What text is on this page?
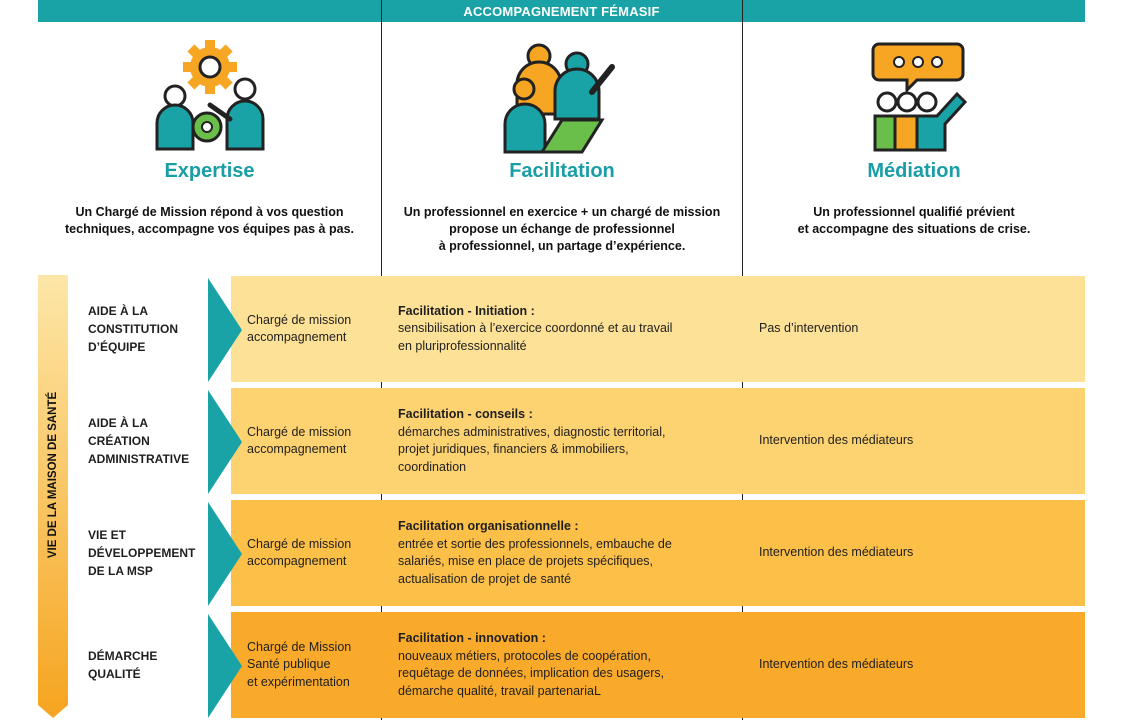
ACCOMPAGNEMENT FÉMASIF
Expertise
Un Chargé de Mission répond à vos question
techniques, accompagne vos équipes pas à pas.
Facilitation
Un professionnel en exercice + un chargé de mission
propose un échange de professionnel
à professionnel, un partage d’expérience.
Médiation
Un professionnel qualifié prévient
et accompagne des situations de crise.
VIE DE LA MAISON DE SANTÉ
AIDE À LA
CONSTITUTION
D’ÉQUIPE
Chargé de mission
accompagnement
Facilitation - Initiation :
sensibilisation à l’exercice coordonné et au travail
en pluriprofessionnalité
Pas d’intervention
AIDE À LA
CRÉATION
ADMINISTRATIVE
Chargé de mission
accompagnement
Facilitation - conseils :
démarches administratives, diagnostic territorial,
projet juridiques, financiers & immobiliers,
coordination
Intervention des médiateurs
VIE ET
DÉVELOPPEMENT
DE LA MSP
Chargé de mission
accompagnement
Facilitation organisationnelle :
entrée et sortie des professionnels, embauche de
salariés, mise en place de projets spécifiques,
actualisation de projet de santé
Intervention des médiateurs
DÉMARCHE
QUALITÉ
Chargé de Mission
Santé publique
et expérimentation
Facilitation - innovation :
nouveaux métiers, protocoles de coopération,
requêtage de données, implication des usagers,
démarche qualité, travail partenariaL
Intervention des médiateurs
